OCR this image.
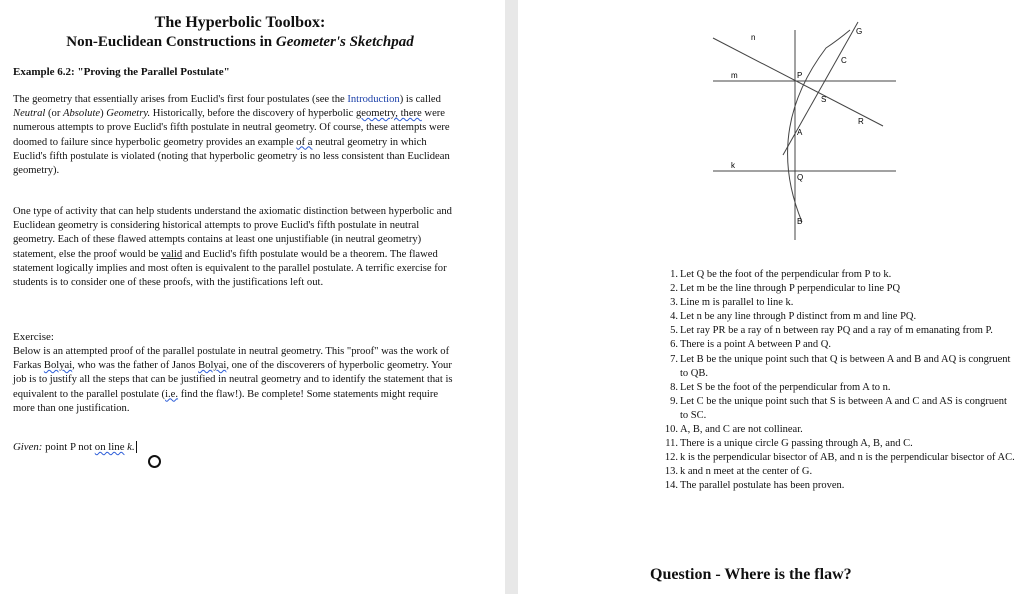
The Hyperbolic Toolbox:
Non-Euclidean Constructions in Geometer's Sketchpad
Example 6.2: "Proving the Parallel Postulate"

The geometry that essentially arises from Euclid's first four postulates (see the Introduction) is called Neutral (or Absolute) Geometry. Historically, before the discovery of hyperbolic geometry, there were numerous attempts to prove Euclid's fifth postulate in neutral geometry. Of course, these attempts were doomed to failure since hyperbolic geometry provides an example of a neutral geometry in which Euclid's fifth postulate is violated (noting that hyperbolic geometry is no less consistent than Euclidean geometry).

One type of activity that can help students understand the axiomatic distinction between hyperbolic and Euclidean geometry is considering historical attempts to prove Euclid's fifth postulate in neutral geometry. Each of these flawed attempts contains at least one unjustifiable (in neutral geometry) statement, else the proof would be valid and Euclid's fifth postulate would be a theorem. The flawed statement logically implies and most often is equivalent to the parallel postulate. A terrific exercise for students is to consider one of these proofs, with the justifications left out.

Exercise:

Below is an attempted proof of the parallel postulate in neutral geometry. This "proof" was the work of Farkas Bolyai, who was the father of Janos Bolyai, one of the discoverers of hyperbolic geometry. Your job is to justify all the steps that can be justified in neutral geometry and to identify the statement that is equivalent to the parallel postulate (i.e. find the flaw!). Be complete! Some statements might require more than one justification.

Given: point P not on line k.
n
m
k
P
Q
A
B
S
R
C
G
1. Let Q be the foot of the perpendicular from P to k.
2. Let m be the line through P perpendicular to line PQ
3. Line m is parallel to line k.
4. Let n be any line through P distinct from m and line PQ.
5. Let ray PR be a ray of n between ray PQ and a ray of m emanating from P.
6. There is a point A between P and Q.
7. Let B be the unique point such that Q is between A and B and AQ is congruent to QB.
8. Let S be the foot of the perpendicular from A to n.
9. Let C be the unique point such that S is between A and C and AS is congruent to SC.
10. A, B, and C are not collinear.
11. There is a unique circle G passing through A, B, and C.
12. k is the perpendicular bisector of AB, and n is the perpendicular bisector of AC.
13. k and n meet at the center of G.
14. The parallel postulate has been proven.
Question - Where is the flaw?
